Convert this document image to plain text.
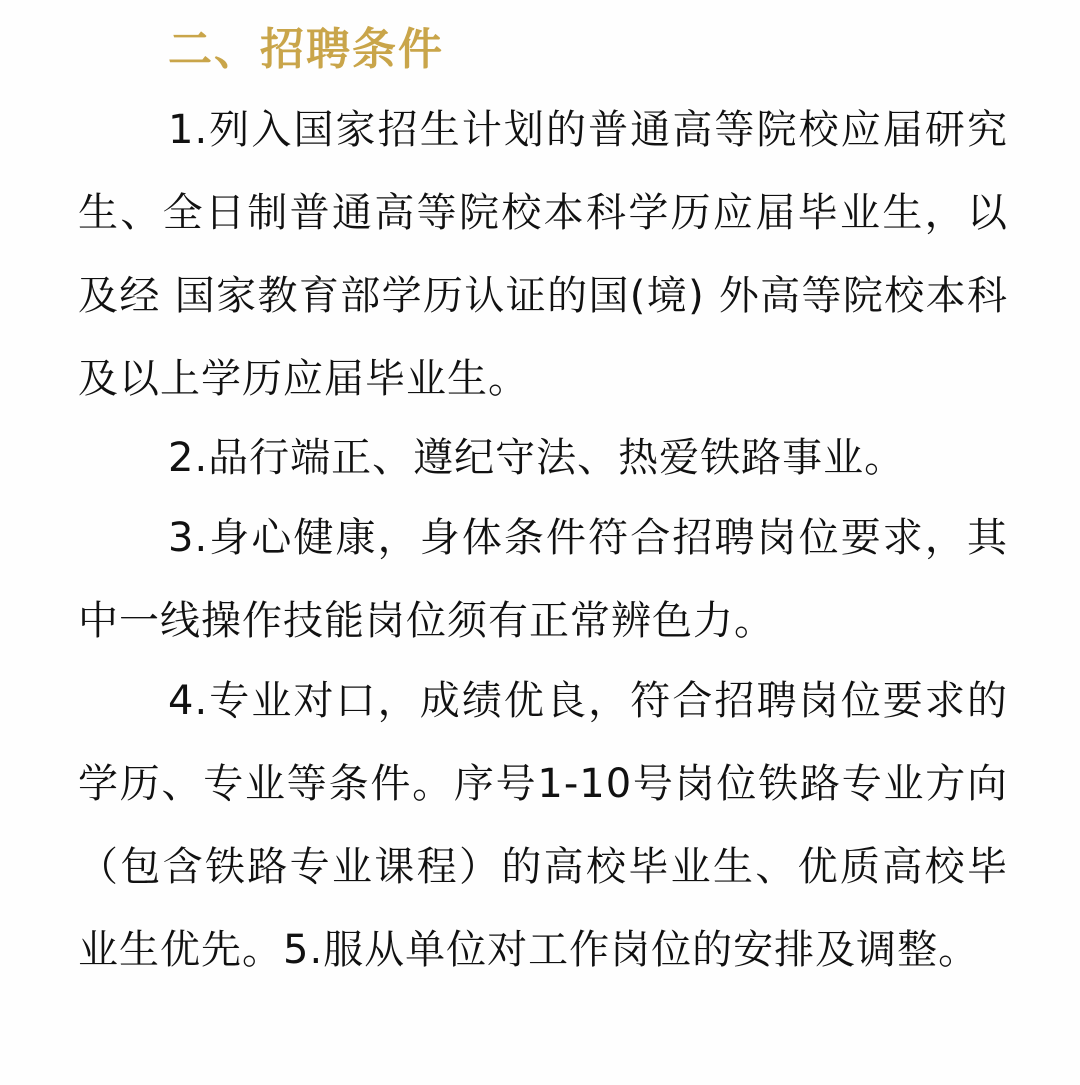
二、招聘条件
1.列入国家招生计划的普通高等院校应届研究生、全日制普通高等院校本科学历应届毕业生，以及经 国家教育部学历认证的国(境) 外高等院校本科及以上学历应届毕业生。
2.品行端正、遵纪守法、热爱铁路事业。
3.身心健康，身体条件符合招聘岗位要求，其中一线操作技能岗位须有正常辨色力。
4.专业对口，成绩优良，符合招聘岗位要求的学历、专业等条件。序号1-10号岗位铁路专业方向（包含铁路专业课程）的高校毕业生、优质高校毕业生优先。5.服从单位对工作岗位的安排及调整。
